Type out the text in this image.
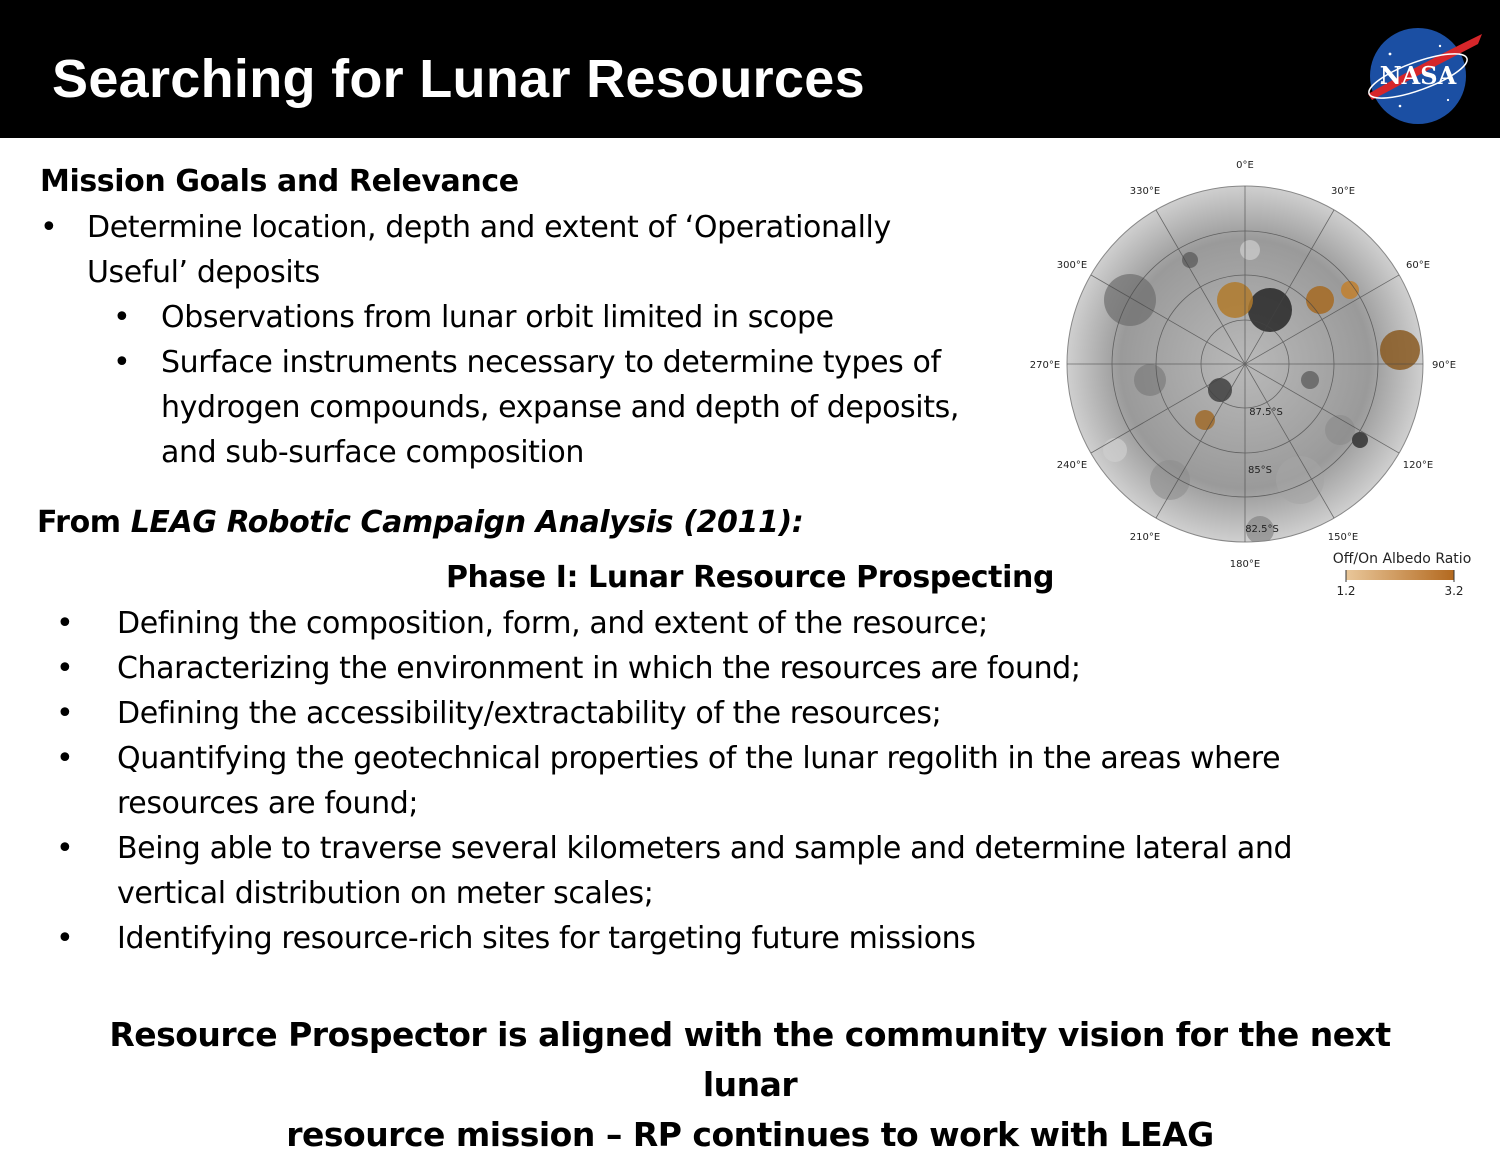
Searching for Lunar Resources	NASA
Mission Goals and Relevance
• Determine location, depth and extent of ‘Operationally
Useful’ deposits
• Observations from lunar orbit limited in scope
• Surface instruments necessary to determine types of
hydrogen compounds, expanse and depth of deposits,
and sub-surface composition
From LEAG Robotic Campaign Analysis (2011):
Phase I: Lunar Resource Prospecting
• Defining the composition, form, and extent of the resource;
• Characterizing the environment in which the resources are found;
• Defining the accessibility/extractability of the resources;
• Quantifying the geotechnical properties of the lunar regolith in the areas where
resources are found;
• Being able to traverse several kilometers and sample and determine lateral and
vertical distribution on meter scales;
• Identifying resource-rich sites for targeting future missions

Resource Prospector is aligned with the community vision for the next lunar
resource mission – RP continues to work with LEAG

0°E
30°E
60°E
90°E
120°E
150°E
180°E
210°E
240°E
270°E
300°E
330°E
87.5°S
85°S
82.5°S
Off/On Albedo Ratio
1.2	3.2
